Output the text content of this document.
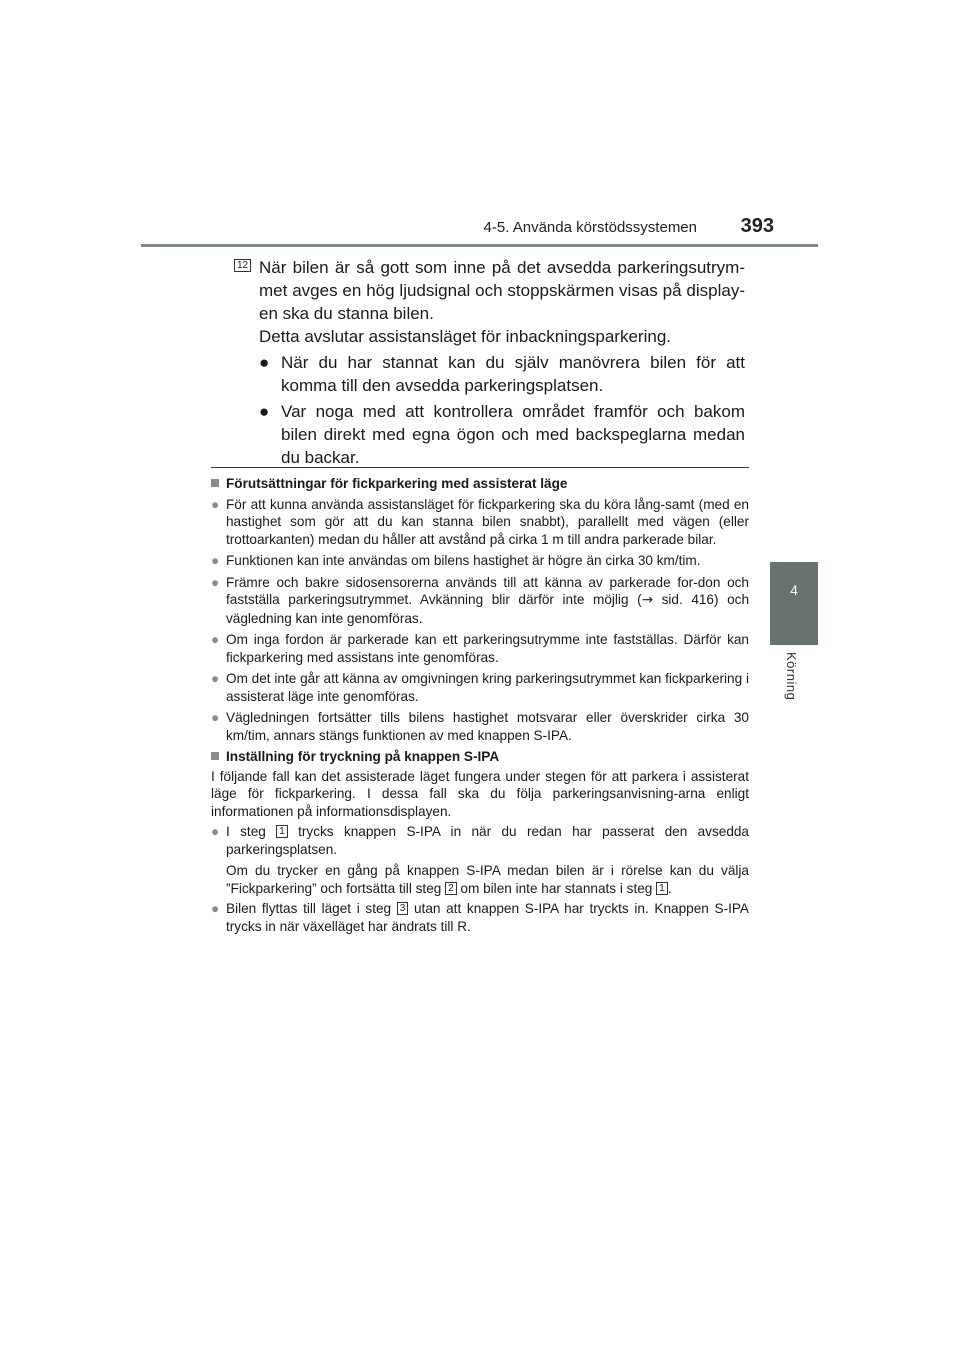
4-5. Använda körstödssystemen	393
4
Körning
12 När bilen är så gott som inne på det avsedda parkeringsutrym-met avges en hög ljudsignal och stoppskärmen visas på display-en ska du stanna bilen.

Detta avslutar assistansläget för inbackningsparkering.

● När du har stannat kan du själv manövrera bilen för att komma till den avsedda parkeringsplatsen.
● Var noga med att kontrollera området framför och bakom bilen direkt med egna ögon och med backspeglarna medan du backar.
Förutsättningar för fickparkering med assisterat läge
● För att kunna använda assistansläget för fickparkering ska du köra lång-samt (med en hastighet som gör att du kan stanna bilen snabbt), parallellt med vägen (eller trottoarkanten) medan du håller att avstånd på cirka 1 m till andra parkerade bilar.
● Funktionen kan inte användas om bilens hastighet är högre än cirka 30 km/tim.
● Främre och bakre sidosensorerna används till att känna av parkerade for-don och fastställa parkeringsutrymmet. Avkänning blir därför inte möjlig (→ sid. 416) och vägledning kan inte genomföras.
● Om inga fordon är parkerade kan ett parkeringsutrymme inte fastställas. Därför kan fickparkering med assistans inte genomföras.
● Om det inte går att känna av omgivningen kring parkeringsutrymmet kan fickparkering i assisterat läge inte genomföras.
● Vägledningen fortsätter tills bilens hastighet motsvarar eller överskrider cirka 30 km/tim, annars stängs funktionen av med knappen S-IPA.
Inställning för tryckning på knappen S-IPA
I följande fall kan det assisterade läget fungera under stegen för att parkera i assisterat läge för fickparkering. I dessa fall ska du följa parkeringsanvisning-arna enligt informationen på informationsdisplayen.
● I steg 1 trycks knappen S-IPA in när du redan har passerat den avsedda parkeringsplatsen.
Om du trycker en gång på knappen S-IPA medan bilen är i rörelse kan du välja ”Fickparkering” och fortsätta till steg 2 om bilen inte har stannats i steg 1 .
● Bilen flyttas till läget i steg 3 utan att knappen S-IPA har tryckts in. Knappen S-IPA trycks in när växelläget har ändrats till R.
